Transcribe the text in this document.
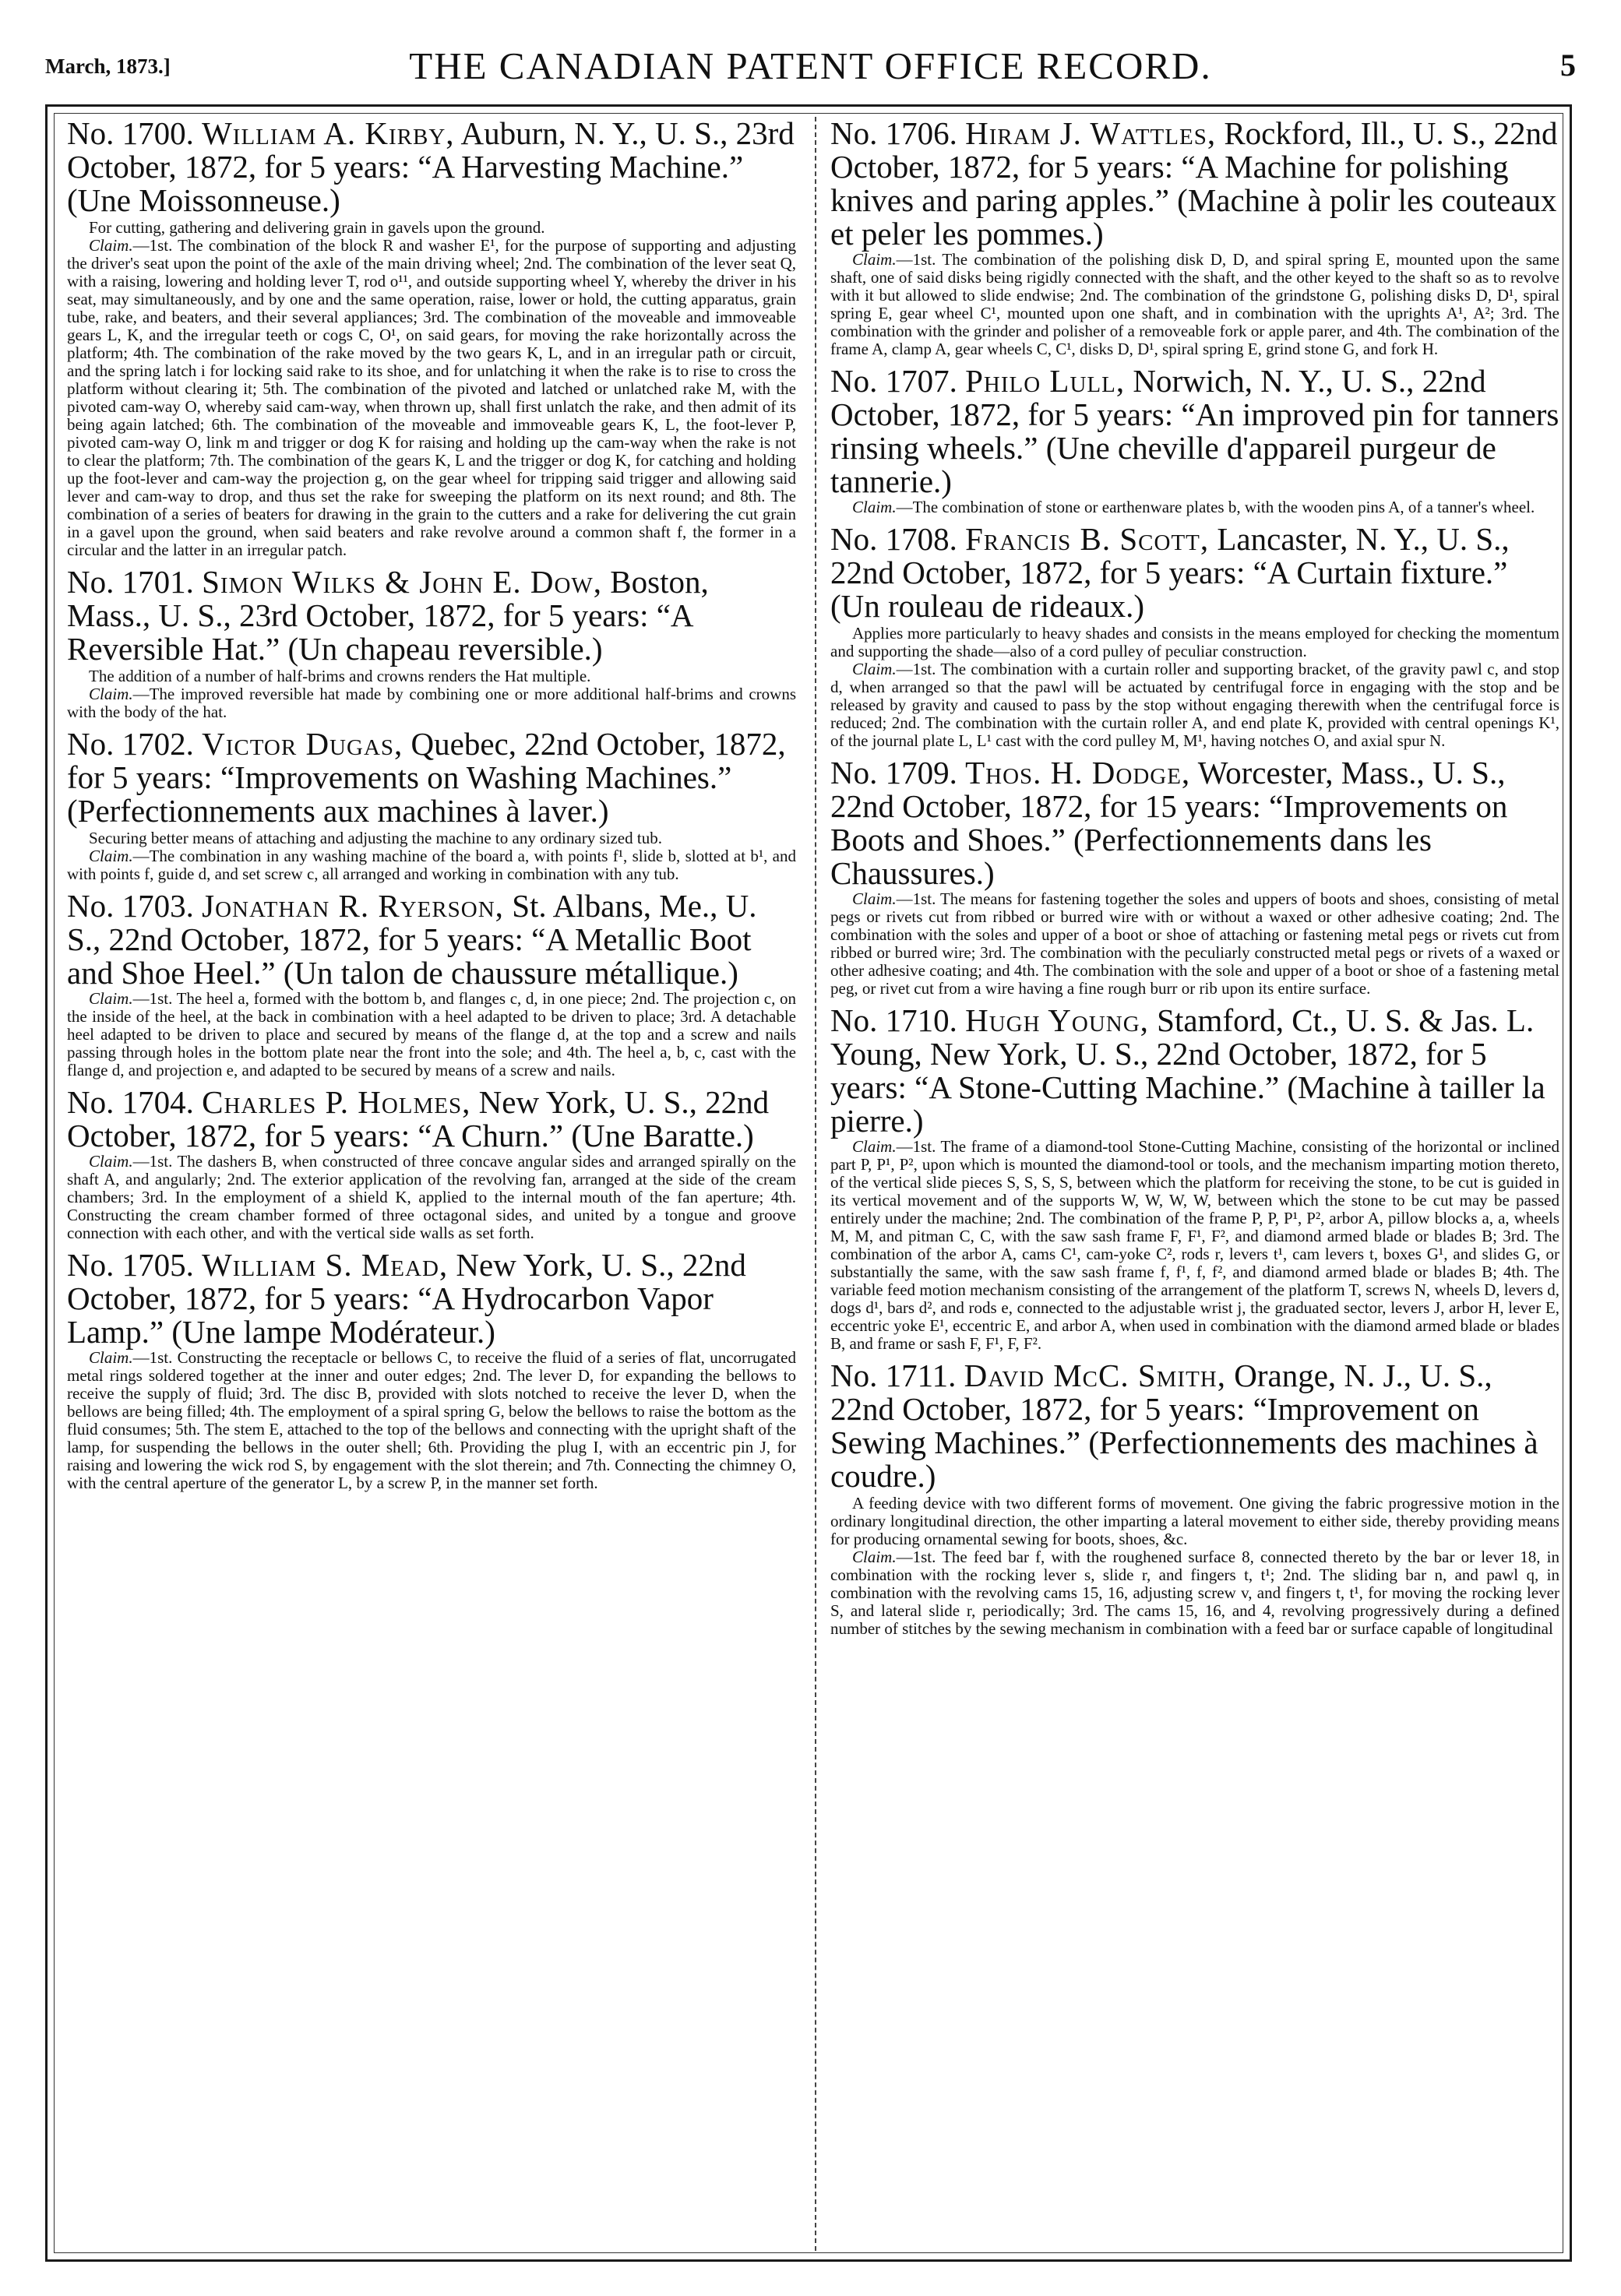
March, 1873.]	THE CANADIAN PATENT OFFICE RECORD.	5

No. 1700. William A. Kirby, Auburn, N. Y., U. S., 23rd October, 1872, for 5 years: “A Harvesting Machine.” (Une Moissonneuse.)

For cutting, gathering and delivering grain in gavels upon the ground.

Claim.—1st. The combination of the block R and washer E¹, for the purpose of supporting and adjusting the driver's seat upon the point of the axle of the main driving wheel; 2nd. The combination of the lever seat Q, with a raising, lowering and holding lever T, rod o¹¹, and outside supporting wheel Y, whereby the driver in his seat, may simultaneously, and by one and the same operation, raise, lower or hold, the cutting apparatus, grain tube, rake, and beaters, and their several appliances; 3rd. The combination of the moveable and immoveable gears L, K, and the irregular teeth or cogs C, O¹, on said gears, for moving the rake horizontally across the platform; 4th. The combination of the rake moved by the two gears K, L, and in an irregular path or circuit, and the spring latch i for locking said rake to its shoe, and for unlatching it when the rake is to rise to cross the platform without clearing it; 5th. The combination of the pivoted and latched or unlatched rake M, with the pivoted cam-way O, whereby said cam-way, when thrown up, shall first unlatch the rake, and then admit of its being again latched; 6th. The combination of the moveable and immoveable gears K, L, the foot-lever P, pivoted cam-way O, link m and trigger or dog K for raising and holding up the cam-way when the rake is not to clear the platform; 7th. The combination of the gears K, L and the trigger or dog K, for catching and holding up the foot-lever and cam-way the projection g, on the gear wheel for tripping said trigger and allowing said lever and cam-way to drop, and thus set the rake for sweeping the platform on its next round; and 8th. The combination of a series of beaters for drawing in the grain to the cutters and a rake for delivering the cut grain in a gavel upon the ground, when said beaters and rake revolve around a common shaft f, the former in a circular and the latter in an irregular patch.

No. 1701. Simon Wilks & John E. Dow, Boston, Mass., U. S., 23rd October, 1872, for 5 years: “A Reversible Hat.” (Un chapeau reversible.)

The addition of a number of half-brims and crowns renders the Hat multiple.

Claim.—The improved reversible hat made by combining one or more additional half-brims and crowns with the body of the hat.

No. 1702. Victor Dugas, Quebec, 22nd October, 1872, for 5 years: “Improvements on Washing Machines.” (Perfectionnements aux machines à laver.)

Securing better means of attaching and adjusting the machine to any ordinary sized tub.

Claim.—The combination in any washing machine of the board a, with points f¹, slide b, slotted at b¹, and with points f, guide d, and set screw c, all arranged and working in combination with any tub.

No. 1703. Jonathan R. Ryerson, St. Albans, Me., U. S., 22nd October, 1872, for 5 years: “A Metallic Boot and Shoe Heel.” (Un talon de chaussure métallique.)

Claim.—1st. The heel a, formed with the bottom b, and flanges c, d, in one piece; 2nd. The projection c, on the inside of the heel, at the back in combination with a heel adapted to be driven to place; 3rd. A detachable heel adapted to be driven to place and secured by means of the flange d, at the top and a screw and nails passing through holes in the bottom plate near the front into the sole; and 4th. The heel a, b, c, cast with the flange d, and projection e, and adapted to be secured by means of a screw and nails.

No. 1704. Charles P. Holmes, New York, U. S., 22nd October, 1872, for 5 years: “A Churn.” (Une Baratte.)

Claim.—1st. The dashers B, when constructed of three concave angular sides and arranged spirally on the shaft A, and angularly; 2nd. The exterior application of the revolving fan, arranged at the side of the cream chambers; 3rd. In the employment of a shield K, applied to the internal mouth of the fan aperture; 4th. Constructing the cream chamber formed of three octagonal sides, and united by a tongue and groove connection with each other, and with the vertical side walls as set forth.

No. 1705. William S. Mead, New York, U. S., 22nd October, 1872, for 5 years: “A Hydrocarbon Vapor Lamp.” (Une lampe Modérateur.)

Claim.—1st. Constructing the receptacle or bellows C, to receive the fluid of a series of flat, uncorrugated metal rings soldered together at the inner and outer edges; 2nd. The lever D, for expanding the bellows to receive the supply of fluid; 3rd. The disc B, provided with slots notched to receive the lever D, when the bellows are being filled; 4th. The employment of a spiral spring G, below the bellows to raise the bottom as the fluid consumes; 5th. The stem E, attached to the top of the bellows and connecting with the upright shaft of the lamp, for suspending the bellows in the outer shell; 6th. Providing the plug I, with an eccentric pin J, for raising and lowering the wick rod S, by engagement with the slot therein; and 7th. Connecting the chimney O, with the central aperture of the generator L, by a screw P, in the manner set forth.

No. 1706. Hiram J. Wattles, Rockford, Ill., U. S., 22nd October, 1872, for 5 years: “A Machine for polishing knives and paring apples.” (Machine à polir les couteaux et peler les pommes.)

Claim.—1st. The combination of the polishing disk D, D, and spiral spring E, mounted upon the same shaft, one of said disks being rigidly connected with the shaft, and the other keyed to the shaft so as to revolve with it but allowed to slide endwise; 2nd. The combination of the grindstone G, polishing disks D, D¹, spiral spring E, gear wheel C¹, mounted upon one shaft, and in combination with the uprights A¹, A²; 3rd. The combination with the grinder and polisher of a removeable fork or apple parer, and 4th. The combination of the frame A, clamp A, gear wheels C, C¹, disks D, D¹, spiral spring E, grind stone G, and fork H.

No. 1707. Philo Lull, Norwich, N. Y., U. S., 22nd October, 1872, for 5 years: “An improved pin for tanners rinsing wheels.” (Une cheville d'appareil purgeur de tannerie.)

Claim.—The combination of stone or earthenware plates b, with the wooden pins A, of a tanner's wheel.

No. 1708. Francis B. Scott, Lancaster, N. Y., U. S., 22nd October, 1872, for 5 years: “A Curtain fixture.” (Un rouleau de rideaux.)

Applies more particularly to heavy shades and consists in the means employed for checking the momentum and supporting the shade—also of a cord pulley of peculiar construction.

Claim.—1st. The combination with a curtain roller and supporting bracket, of the gravity pawl c, and stop d, when arranged so that the pawl will be actuated by centrifugal force in engaging with the stop and be released by gravity and caused to pass by the stop without engaging therewith when the centrifugal force is reduced; 2nd. The combination with the curtain roller A, and end plate K, provided with central openings K¹, of the journal plate L, L¹ cast with the cord pulley M, M¹, having notches O, and axial spur N.

No. 1709. Thos. H. Dodge, Worcester, Mass., U. S., 22nd October, 1872, for 15 years: “Improvements on Boots and Shoes.” (Perfectionnements dans les Chaussures.)

Claim.—1st. The means for fastening together the soles and uppers of boots and shoes, consisting of metal pegs or rivets cut from ribbed or burred wire with or without a waxed or other adhesive coating; 2nd. The combination with the soles and upper of a boot or shoe of attaching or fastening metal pegs or rivets cut from ribbed or burred wire; 3rd. The combination with the peculiarly constructed metal pegs or rivets of a waxed or other adhesive coating; and 4th. The combination with the sole and upper of a boot or shoe of a fastening metal peg, or rivet cut from a wire having a fine rough burr or rib upon its entire surface.

No. 1710. Hugh Young, Stamford, Ct., U. S. & Jas. L. Young, New York, U. S., 22nd October, 1872, for 5 years: “A Stone-Cutting Machine.” (Machine à tailler la pierre.)

Claim.—1st. The frame of a diamond-tool Stone-Cutting Machine, consisting of the horizontal or inclined part P, P¹, P², upon which is mounted the diamond-tool or tools, and the mechanism imparting motion thereto, of the vertical slide pieces S, S, S, S, between which the platform for receiving the stone, to be cut is guided in its vertical movement and of the supports W, W, W, W, between which the stone to be cut may be passed entirely under the machine; 2nd. The combination of the frame P, P, P¹, P², arbor A, pillow blocks a, a, wheels M, M, and pitman C, C, with the saw sash frame F, F¹, F², and diamond armed blade or blades B; 3rd. The combination of the arbor A, cams C¹, cam-yoke C², rods r, levers t¹, cam levers t, boxes G¹, and slides G, or substantially the same, with the saw sash frame f, f¹, f, f², and diamond armed blade or blades B; 4th. The variable feed motion mechanism consisting of the arrangement of the platform T, screws N, wheels D, levers d, dogs d¹, bars d², and rods e, connected to the adjustable wrist j, the graduated sector, levers J, arbor H, lever E, eccentric yoke E¹, eccentric E, and arbor A, when used in combination with the diamond armed blade or blades B, and frame or sash F, F¹, F, F².

No. 1711. David McC. Smith, Orange, N. J., U. S., 22nd October, 1872, for 5 years: “Improvement on Sewing Machines.” (Perfectionnements des machines à coudre.)

A feeding device with two different forms of movement. One giving the fabric progressive motion in the ordinary longitudinal direction, the other imparting a lateral movement to either side, thereby providing means for producing ornamental sewing for boots, shoes, &c.

Claim.—1st. The feed bar f, with the roughened surface 8, connected thereto by the bar or lever 18, in combination with the rocking lever s, slide r, and fingers t, t¹; 2nd. The sliding bar n, and pawl q, in combination with the revolving cams 15, 16, adjusting screw v, and fingers t, t¹, for moving the rocking lever S, and lateral slide r, periodically; 3rd. The cams 15, 16, and 4, revolving progressively during a defined number of stitches by the sewing mechanism in combination with a feed bar or surface capable of longitudinal
